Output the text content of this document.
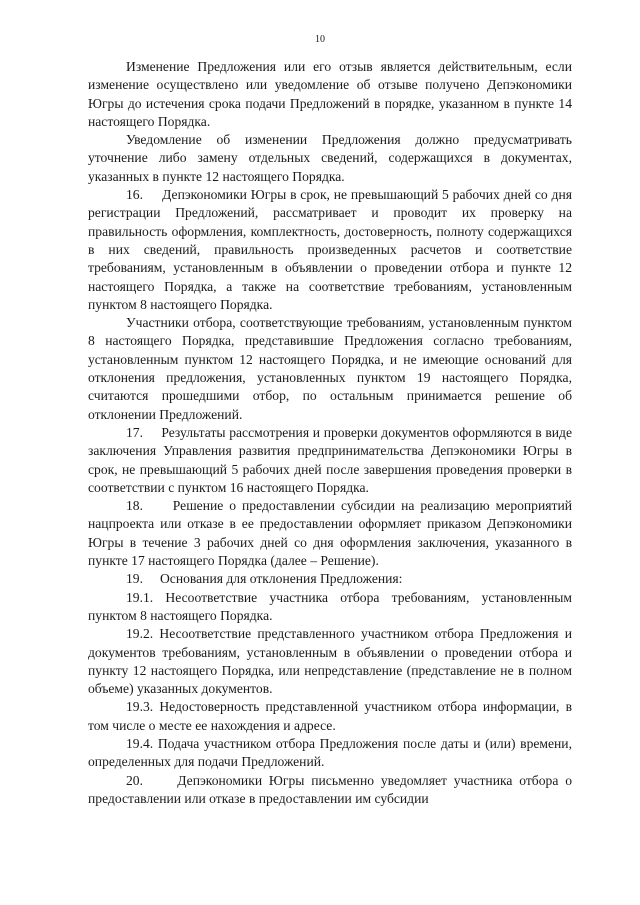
10

Изменение Предложения или его отзыв является действительным, если изменение осуществлено или уведомление об отзыве получено Депэкономики Югры до истечения срока подачи Предложений в порядке, указанном в пункте 14 настоящего Порядка.

Уведомление об изменении Предложения должно предусматривать уточнение либо замену отдельных сведений, содержащихся в документах, указанных в пункте 12 настоящего Порядка.

16.     Депэкономики Югры в срок, не превышающий 5 рабочих дней со дня регистрации Предложений, рассматривает и проводит их проверку на правильность оформления, комплектность, достоверность, полноту содержащихся в них сведений, правильность произведенных расчетов и соответствие требованиям, установленным в объявлении о проведении отбора и пункте 12 настоящего Порядка, а также на соответствие требованиям, установленным пунктом 8 настоящего Порядка.

Участники отбора, соответствующие требованиям, установленным пунктом 8 настоящего Порядка, представившие Предложения согласно требованиям, установленным пунктом 12 настоящего Порядка, и не имеющие оснований для отклонения предложения, установленных пунктом 19 настоящего Порядка, считаются прошедшими отбор, по остальным принимается решение об отклонении Предложений.

17.     Результаты рассмотрения и проверки документов оформляются в виде заключения Управления развития предпринимательства Депэкономики Югры в срок, не превышающий 5 рабочих дней после завершения проведения проверки в соответствии с пунктом 16 настоящего Порядка.

18.     Решение о предоставлении субсидии на реализацию мероприятий нацпроекта или отказе в ее предоставлении оформляет приказом Депэкономики Югры в течение 3 рабочих дней со дня оформления заключения, указанного в пункте 17 настоящего Порядка (далее – Решение).

19.     Основания для отклонения Предложения:

19.1. Несоответствие участника отбора требованиям, установленным пунктом 8 настоящего Порядка.

19.2. Несоответствие представленного участником отбора Предложения и документов требованиям, установленным в объявлении о проведении отбора и пункту 12 настоящего Порядка, или непредставление (представление не в полном объеме) указанных документов.

19.3. Недостоверность представленной участником отбора информации, в том числе о месте ее нахождения и адресе.

19.4. Подача участником отбора Предложения после даты и (или) времени, определенных для подачи Предложений.

20.     Депэкономики Югры письменно уведомляет участника отбора о предоставлении или отказе в предоставлении им субсидии
